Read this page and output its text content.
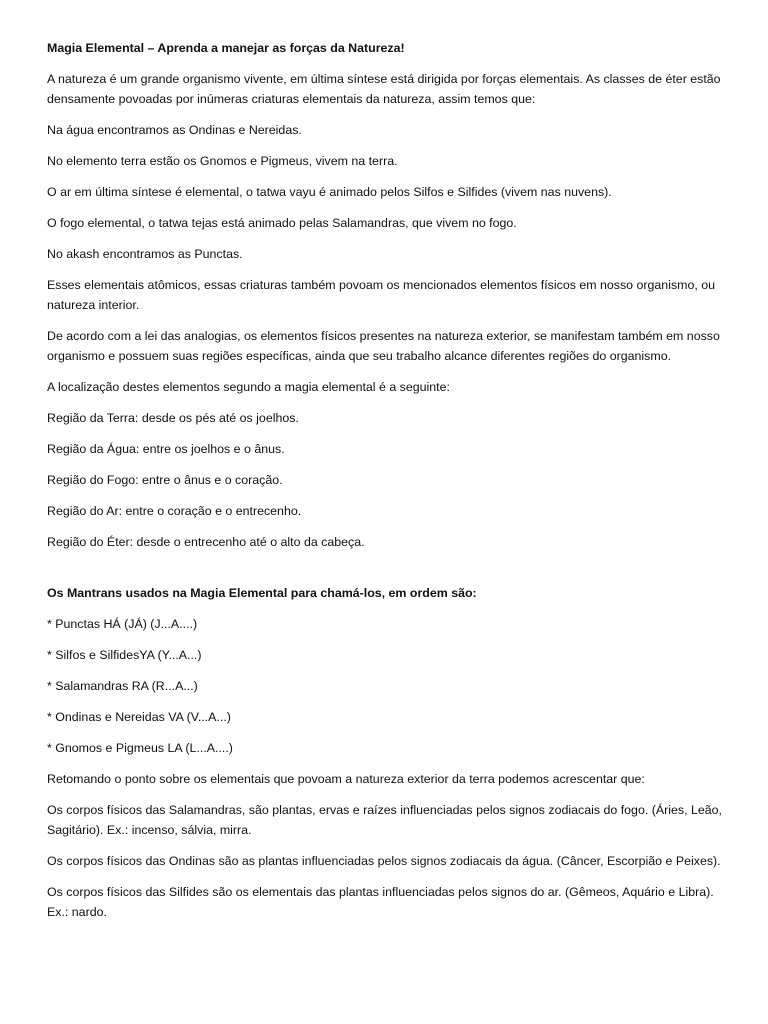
Magia Elemental – Aprenda a manejar as forças da Natureza!

A natureza é um grande organismo vivente, em última síntese está dirigida por forças elementais. As classes de éter estão densamente povoadas por inúmeras criaturas elementais da natureza, assim temos que:

Na água encontramos as Ondinas e Nereidas.

No elemento terra estão os Gnomos e Pigmeus, vivem na terra.

O ar em última síntese é elemental, o tatwa vayu é animado pelos Silfos e Silfides (vivem nas nuvens).

O fogo elemental, o tatwa tejas está animado pelas Salamandras, que vivem no fogo.

No akash encontramos as Punctas.

Esses elementais atômicos, essas criaturas também povoam os mencionados elementos físicos em nosso organismo, ou natureza interior.

De acordo com a lei das analogias, os elementos físicos presentes na natureza exterior, se manifestam também em nosso organismo e possuem suas regiões específicas, ainda que seu trabalho alcance diferentes regiões do organismo.

A localização destes elementos segundo a magia elemental é a seguinte:

Região da Terra: desde os pés até os joelhos.

Região da Água: entre os joelhos e o ânus.

Região do Fogo: entre o ânus e o coração.

Região do Ar: entre o coração e o entrecenho.

Região do Éter: desde o entrecenho até o alto da cabeça.

Os Mantrans usados na Magia Elemental para chamá-los, em ordem são:

* Punctas HÁ (JÁ) (J...A....)

* Silfos e SilfidesYA (Y...A...)

* Salamandras RA (R...A...)

* Ondinas e Nereidas VA (V...A...)

* Gnomos e Pigmeus LA (L...A....)

Retomando o ponto sobre os elementais que povoam a natureza exterior da terra podemos acrescentar que:

Os corpos físicos das Salamandras, são plantas, ervas e raízes influenciadas pelos signos zodiacais do fogo. (Áries, Leão, Sagitário). Ex.: incenso, sálvia, mirra.

Os corpos físicos das Ondinas são as plantas influenciadas pelos signos zodiacais da água. (Câncer, Escorpião e Peixes).

Os corpos físicos das Silfides são os elementais das plantas influenciadas pelos signos do ar. (Gêmeos, Aquário e Libra). Ex.: nardo.
